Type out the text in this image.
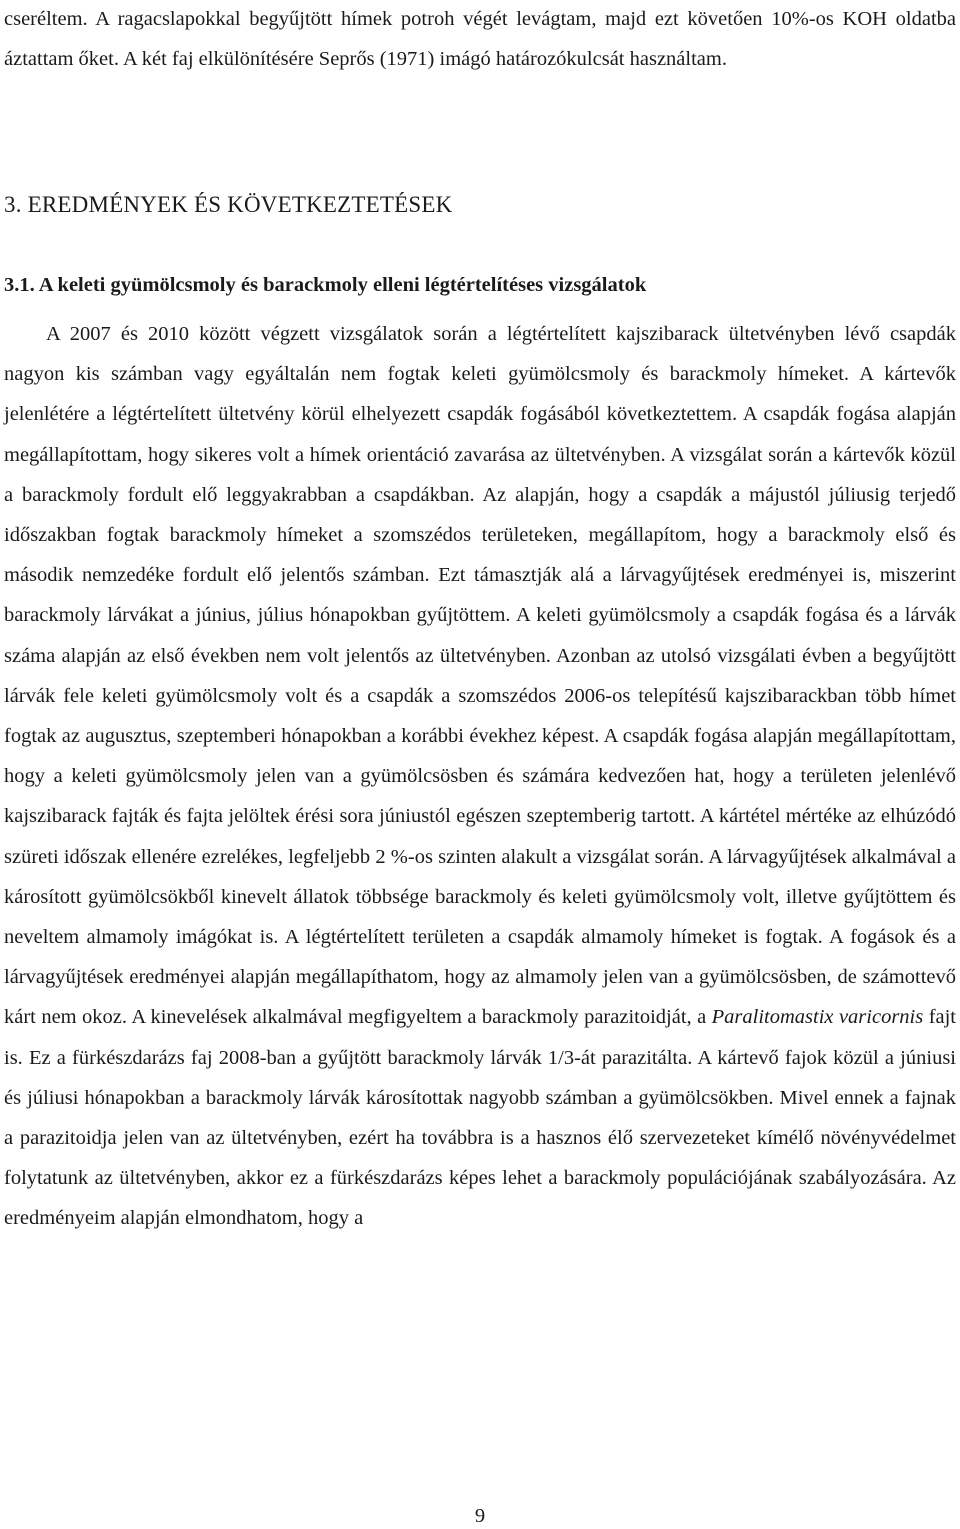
cseréltem. A ragacslapokkal begyűjtött hímek potroh végét levágtam, majd ezt követően 10%-os KOH oldatba áztattam őket. A két faj elkülönítésére Seprős (1971) imágó határozókulcsát használtam.

3. EREDMÉNYEK ÉS KÖVETKEZTETÉSEK
3.1. A keleti gyümölcsmoly és barackmoly elleni légtértelítéses vizsgálatok

A 2007 és 2010 között végzett vizsgálatok során a légtértelített kajszibarack ültetvényben lévő csapdák nagyon kis számban vagy egyáltalán nem fogtak keleti gyümölcsmoly és barackmoly hímeket. A kártevők jelenlétére a légtértelített ültetvény körül elhelyezett csapdák fogásából következtettem. A csapdák fogása alapján megállapítottam, hogy sikeres volt a hímek orientáció zavarása az ültetvényben. A vizsgálat során a kártevők közül a barackmoly fordult elő leggyakrabban a csapdákban. Az alapján, hogy a csapdák a májustól júliusig terjedő időszakban fogtak barackmoly hímeket a szomszédos területeken, megállapítom, hogy a barackmoly első és második nemzedéke fordult elő jelentős számban. Ezt támasztják alá a lárvagyűjtések eredményei is, miszerint barackmoly lárvákat a június, július hónapokban gyűjtöttem. A keleti gyümölcsmoly a csapdák fogása és a lárvák száma alapján az első években nem volt jelentős az ültetvényben. Azonban az utolsó vizsgálati évben a begyűjtött lárvák fele keleti gyümölcsmoly volt és a csapdák a szomszédos 2006-os telepítésű kajszibarackban több hímet fogtak az augusztus, szeptemberi hónapokban a korábbi évekhez képest. A csapdák fogása alapján megállapítottam, hogy a keleti gyümölcsmoly jelen van a gyümölcsösben és számára kedvezően hat, hogy a területen jelenlévő kajszibarack fajták és fajta jelöltek érési sora júniustól egészen szeptemberig tartott. A kártétel mértéke az elhúzódó szüreti időszak ellenére ezrelékes, legfeljebb 2 %-os szinten alakult a vizsgálat során. A lárvagyűjtések alkalmával a károsított gyümölcsökből kinevelt állatok többsége barackmoly és keleti gyümölcsmoly volt, illetve gyűjtöttem és neveltem almamoly imágókat is. A légtértelített területen a csapdák almamoly hímeket is fogtak. A fogások és a lárvagyűjtések eredményei alapján megállapíthatom, hogy az almamoly jelen van a gyümölcsösben, de számottevő kárt nem okoz. A kinevelések alkalmával megfigyeltem a barackmoly parazitoidját, a Paralitomastix varicornis fajt is. Ez a fürkészdarázs faj 2008-ban a gyűjtött barackmoly lárvák 1/3-át parazitálta. A kártevő fajok közül a júniusi és júliusi hónapokban a barackmoly lárvák károsítottak nagyobb számban a gyümölcsökben. Mivel ennek a fajnak a parazitoidja jelen van az ültetvényben, ezért ha továbbra is a hasznos élő szervezeteket kímélő növényvédelmet folytatunk az ültetvényben, akkor ez a fürkészdarázs képes lehet a barackmoly populációjának szabályozására. Az eredményeim alapján elmondhatom, hogy a

9
